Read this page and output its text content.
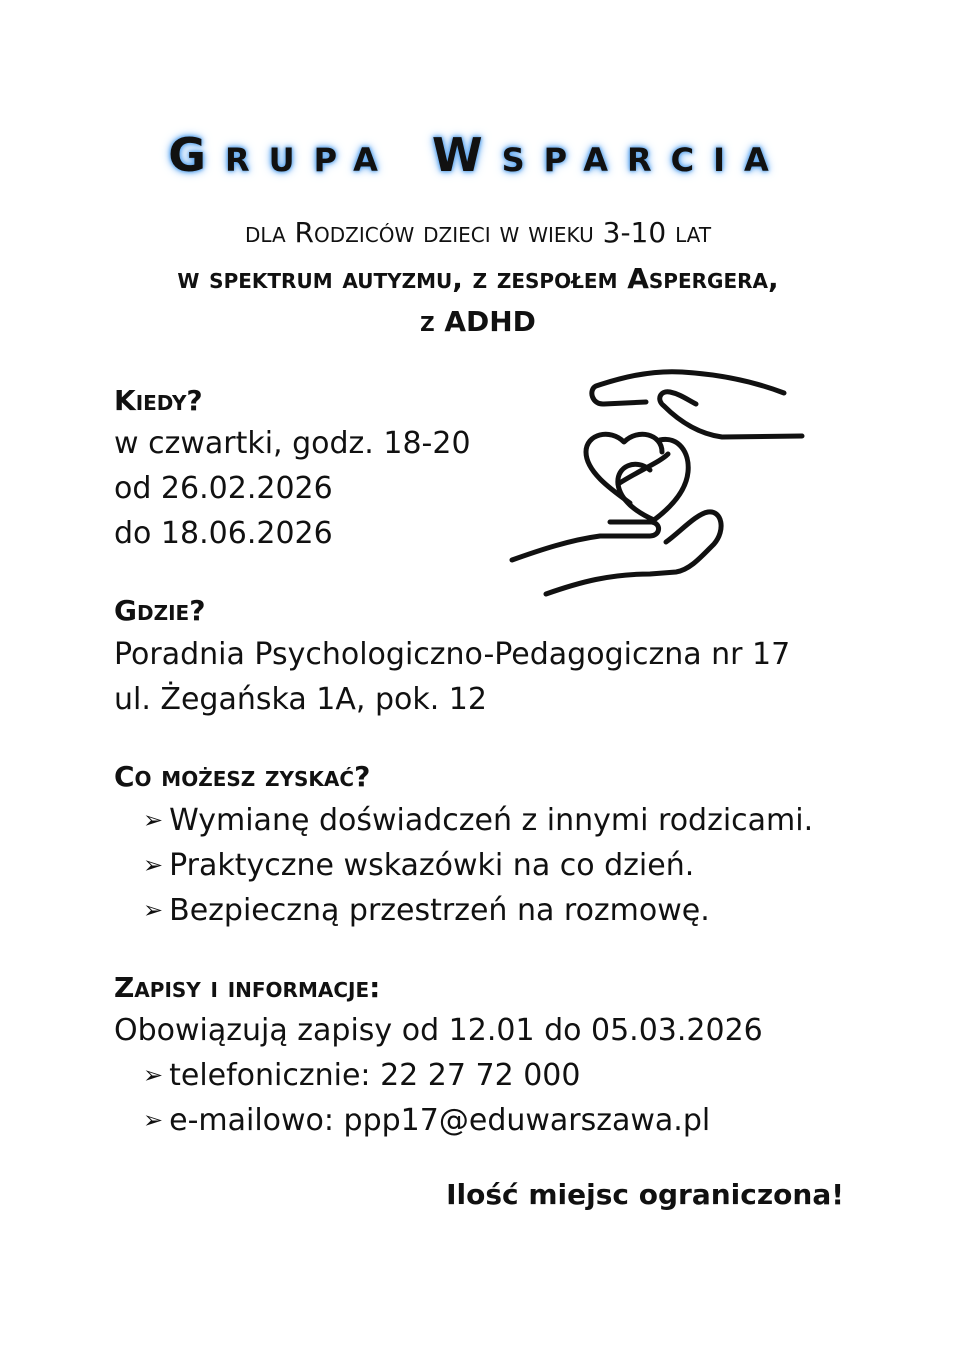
Grupa Wsparcia
dla Rodziców dzieci w wieku 3-10 lat
w spektrum autyzmu, z zespołem Aspergera,
z ADHD
Kiedy?
w czwartki, godz. 18-20
od 26.02.2026
do 18.06.2026
Gdzie?
Poradnia Psychologiczno-Pedagogiczna nr 17
ul. Żegańska 1A, pok. 12
Co możesz zyskać?
➢ Wymianę doświadczeń z innymi rodzicami.
➢ Praktyczne wskazówki na co dzień.
➢ Bezpieczną przestrzeń na rozmowę.
Zapisy i informacje:
Obowiązują zapisy od 12.01 do 05.03.2026
➢ telefonicznie: 22 27 72 000
➢ e-mailowo: ppp17@eduwarszawa.pl
Ilość miejsc ograniczona!
